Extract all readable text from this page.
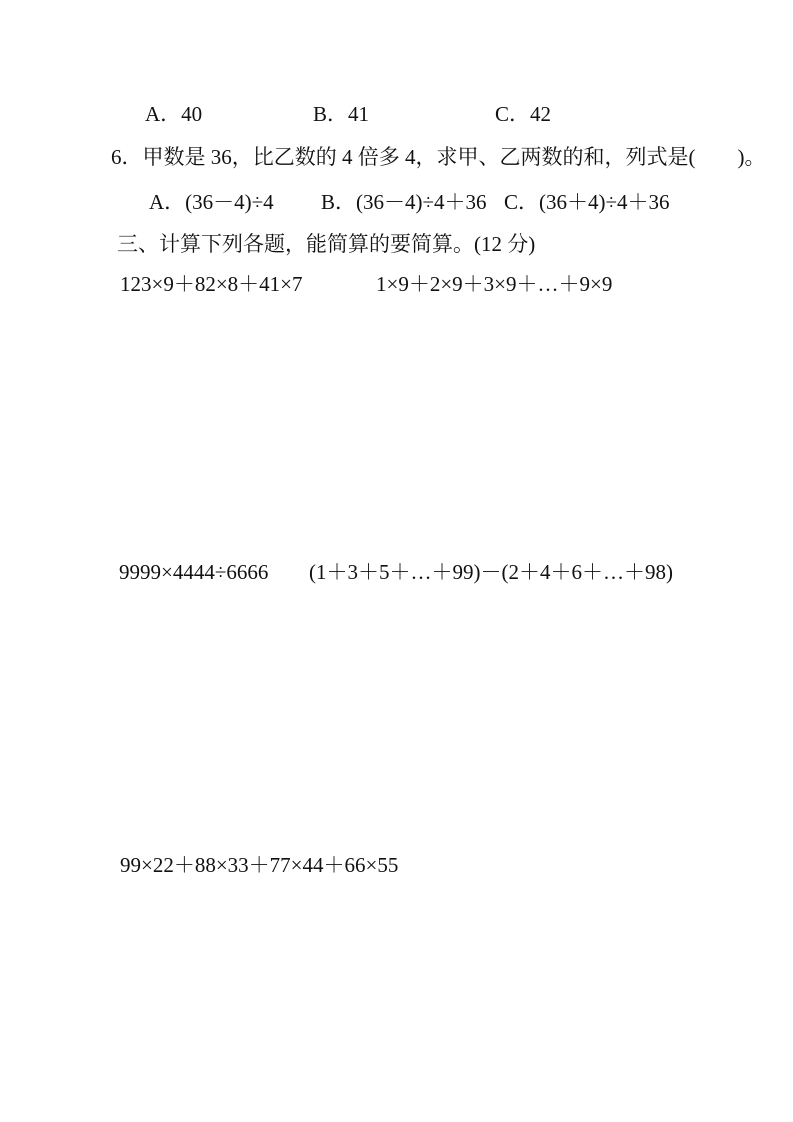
A．40	B．41	C．42
6．甲数是 36，比乙数的 4 倍多 4，求甲、乙两数的和，列式是(　　)。
A．(36－4)÷4 B．(36－4)÷4＋36 C．(36＋4)÷4＋36
三、计算下列各题，能简算的要简算。(12 分)
123×9＋82×8＋41×7	1×9＋2×9＋3×9＋…＋9×9
9999×4444÷6666 (1＋3＋5＋…＋99)－(2＋4＋6＋…＋98)
99×22＋88×33＋77×44＋66×55
